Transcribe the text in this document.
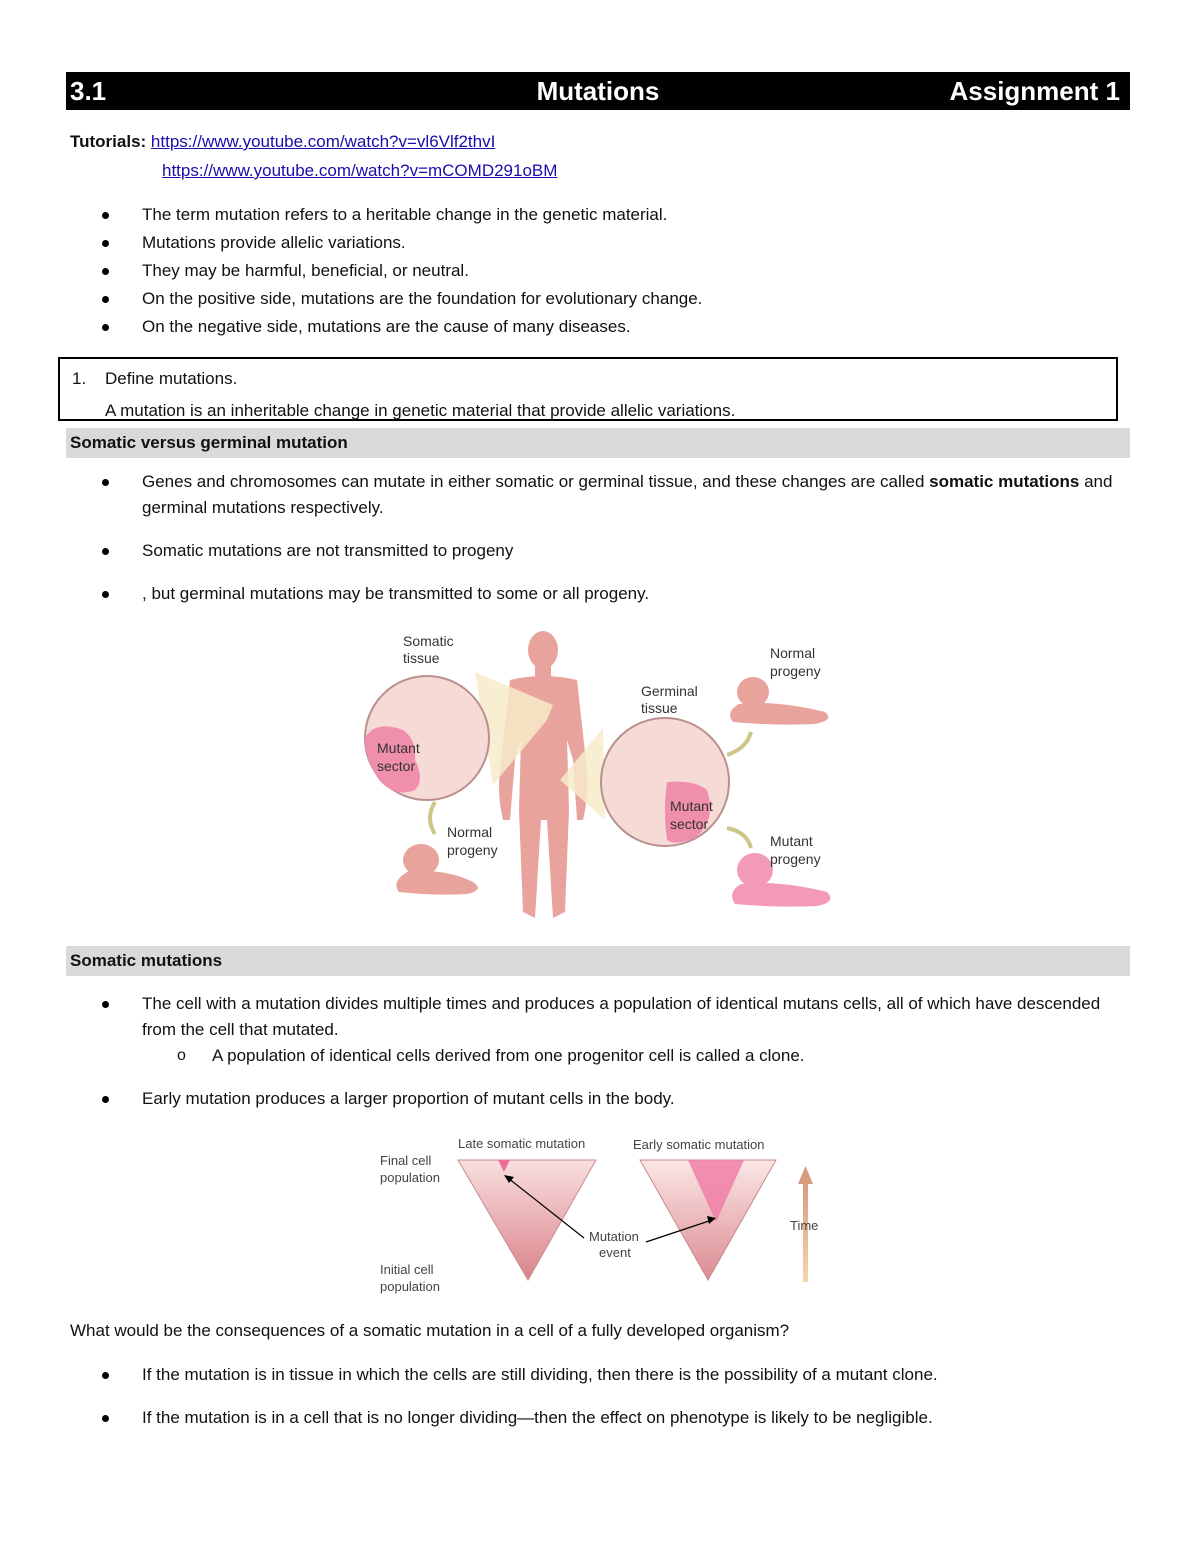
3.1	Mutations	Assignment 1
Tutorials: https://www.youtube.com/watch?v=vl6Vlf2thvI
https://www.youtube.com/watch?v=mCOMD291oBM
The term mutation refers to a heritable change in the genetic material.
Mutations provide allelic variations.
They may be harmful, beneficial, or neutral.
On the positive side, mutations are the foundation for evolutionary change.
On the negative side, mutations are the cause of many diseases.
1. Define mutations.
A mutation is an inheritable change in genetic material that provide allelic variations.
Somatic versus germinal mutation
Genes and chromosomes can mutate in either somatic or germinal tissue, and these changes are called somatic mutations and germinal mutations respectively.
Somatic mutations are not transmitted to progeny
, but germinal mutations may be transmitted to some or all progeny.
Somatic
tissue
Germinal
tissue
Mutant
sector
Mutant
sector
Normal
progeny
Normal
progeny
Mutant
progeny
Somatic mutations
The cell with a mutation divides multiple times and produces a population of identical mutans cells, all of which have descended from the cell that mutated.
o A population of identical cells derived from one progenitor cell is called a clone.
Early mutation produces a larger proportion of mutant cells in the body.
Late somatic mutation	Early somatic mutation
Final cell
population
Initial cell
population
Mutation
event
Time
What would be the consequences of a somatic mutation in a cell of a fully developed organism?
If the mutation is in tissue in which the cells are still dividing, then there is the possibility of a mutant clone.
If the mutation is in a cell that is no longer dividing—then the effect on phenotype is likely to be negligible.
